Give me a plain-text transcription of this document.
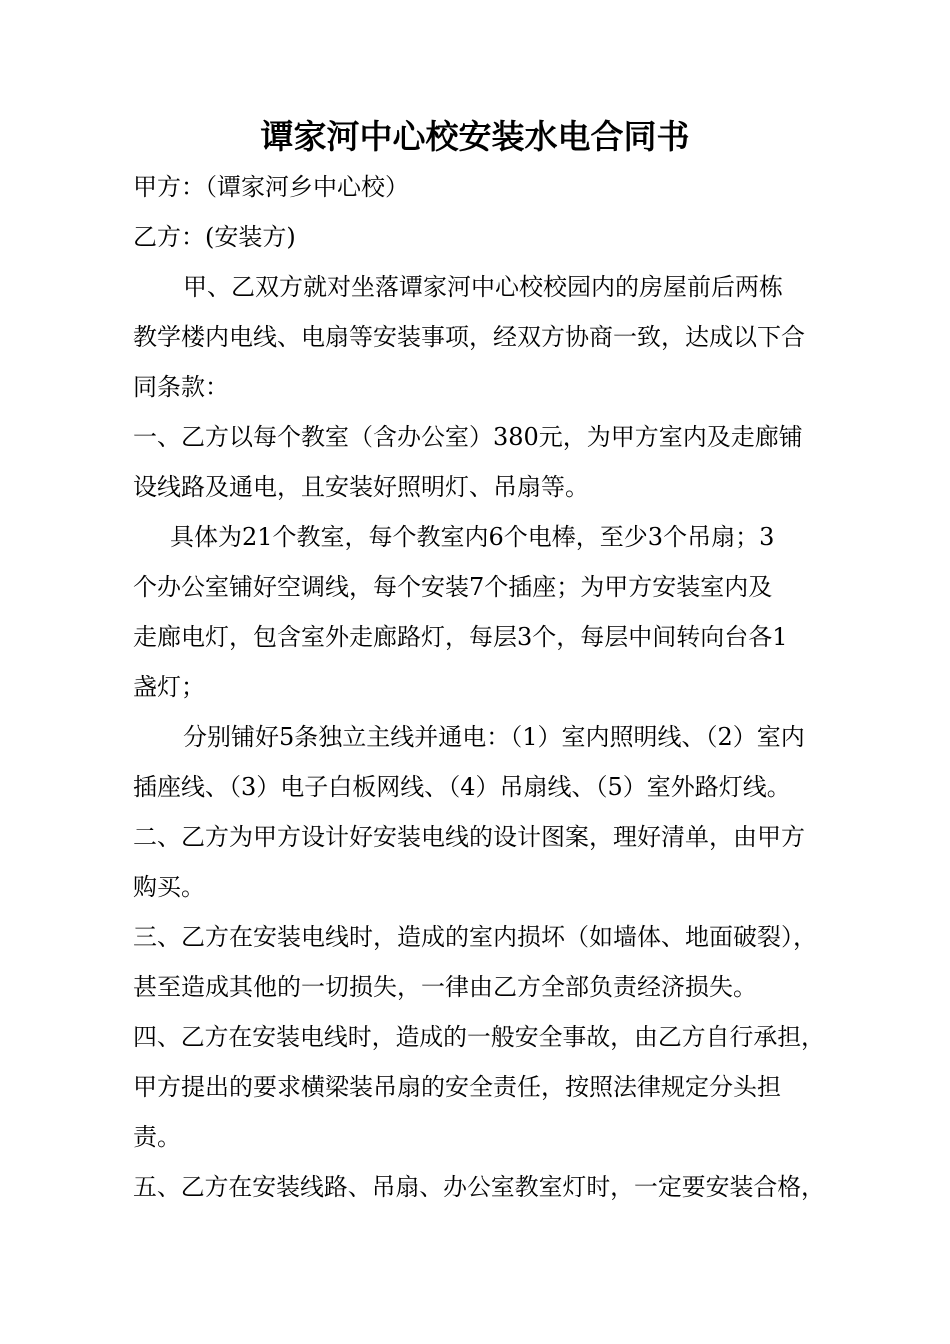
谭家河中心校安装水电合同书
甲方：（谭家河乡中心校）
乙方：(安装方)
甲、乙双方就对坐落谭家河中心校校园内的房屋前后两栋
教学楼内电线、电扇等安装事项，经双方协商一致，达成以下合
同条款：
一、乙方以每个教室（含办公室）380元，为甲方室内及走廊铺
设线路及通电，且安装好照明灯、吊扇等。
具体为21个教室，每个教室内6个电棒，至少3个吊扇；3
个办公室铺好空调线，每个安装7个插座；为甲方安装室内及
走廊电灯，包含室外走廊路灯，每层3个，每层中间转向台各1
盏灯；
分别铺好5条独立主线并通电：（1）室内照明线、（2）室内
插座线、（3）电子白板网线、（4）吊扇线、（5）室外路灯线。
二、乙方为甲方设计好安装电线的设计图案，理好清单，由甲方
购买。
三、乙方在安装电线时，造成的室内损坏（如墙体、地面破裂），
甚至造成其他的一切损失，一律由乙方全部负责经济损失。
四、乙方在安装电线时，造成的一般安全事故，由乙方自行承担，
甲方提出的要求横梁装吊扇的安全责任，按照法律规定分头担
责。
五、乙方在安装线路、吊扇、办公室教室灯时，一定要安装合格，
